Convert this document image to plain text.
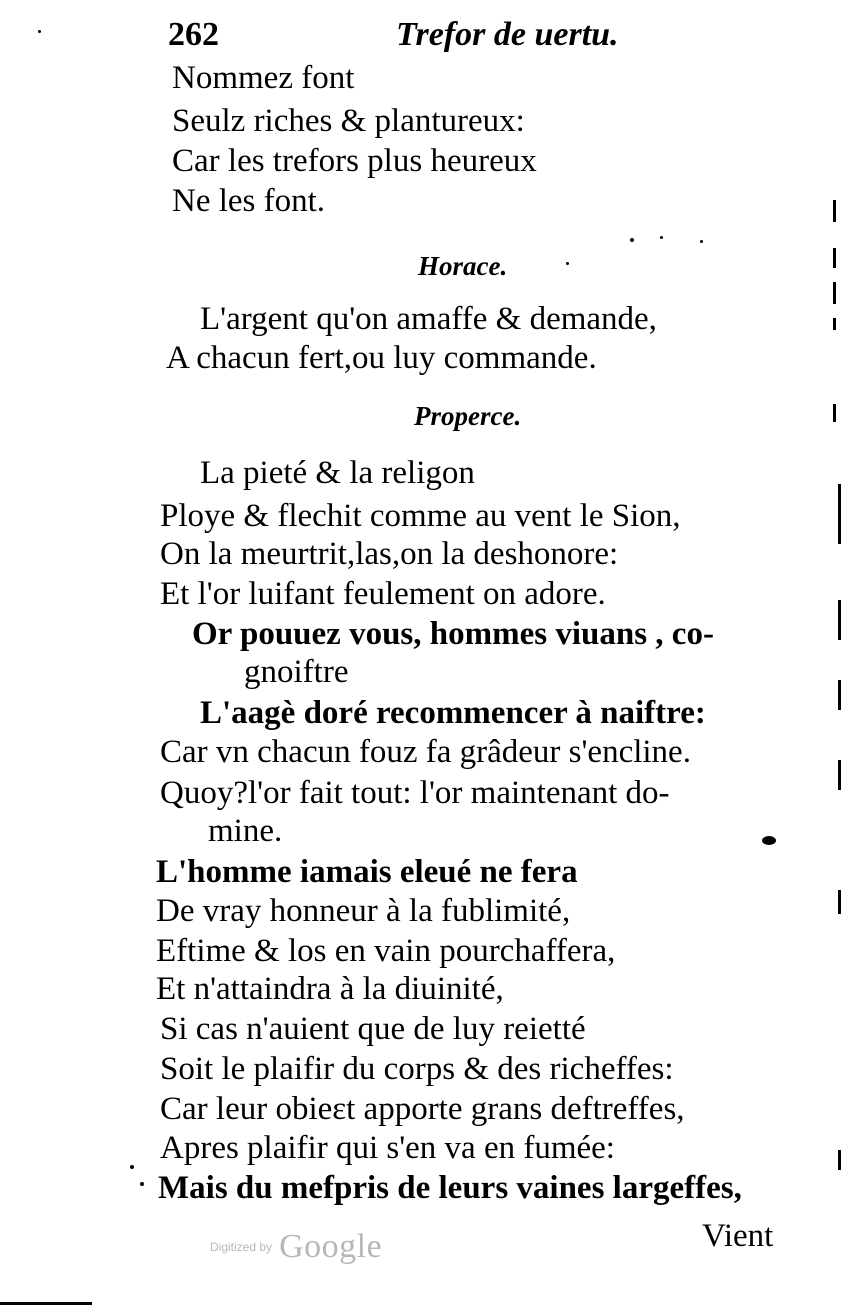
262	Trefor de uertu.
Nommez font
Seulz riches & plantureux:
Car les trefors plus heureux
Ne les font.
Horace.
L'argent qu'on amaffe & demande,
A chacun fert,ou luy commande.
Properce.
La pieté & la religon
Ploye & flechit comme au vent le Sion,
On la meurtrit,las,on la deshonore:
Et l'or luifant feulement on adore.
Or pouuez vous, hommes viuans , co-
gnoiftre
L'aagè doré recommencer à naiftre:
Car vn chacun fouz fa grâdeur s'encline.
Quoy?l'or fait tout: l'or maintenant do-
mine.
L'homme iamais eleué ne fera
De vray honneur à la fublimité,
Eftime & los en vain pourchaffera,
Et n'attaindra à la diuinité,
Si cas n'auient que de luy reietté
Soit le plaifir du corps & des richeffes:
Car leur obieɛt apporte grans deftreffes,
Apres plaifir qui s'en va en fumée:
Mais du mefpris de leurs vaines largeffes,
Vient
Digitized by Google
